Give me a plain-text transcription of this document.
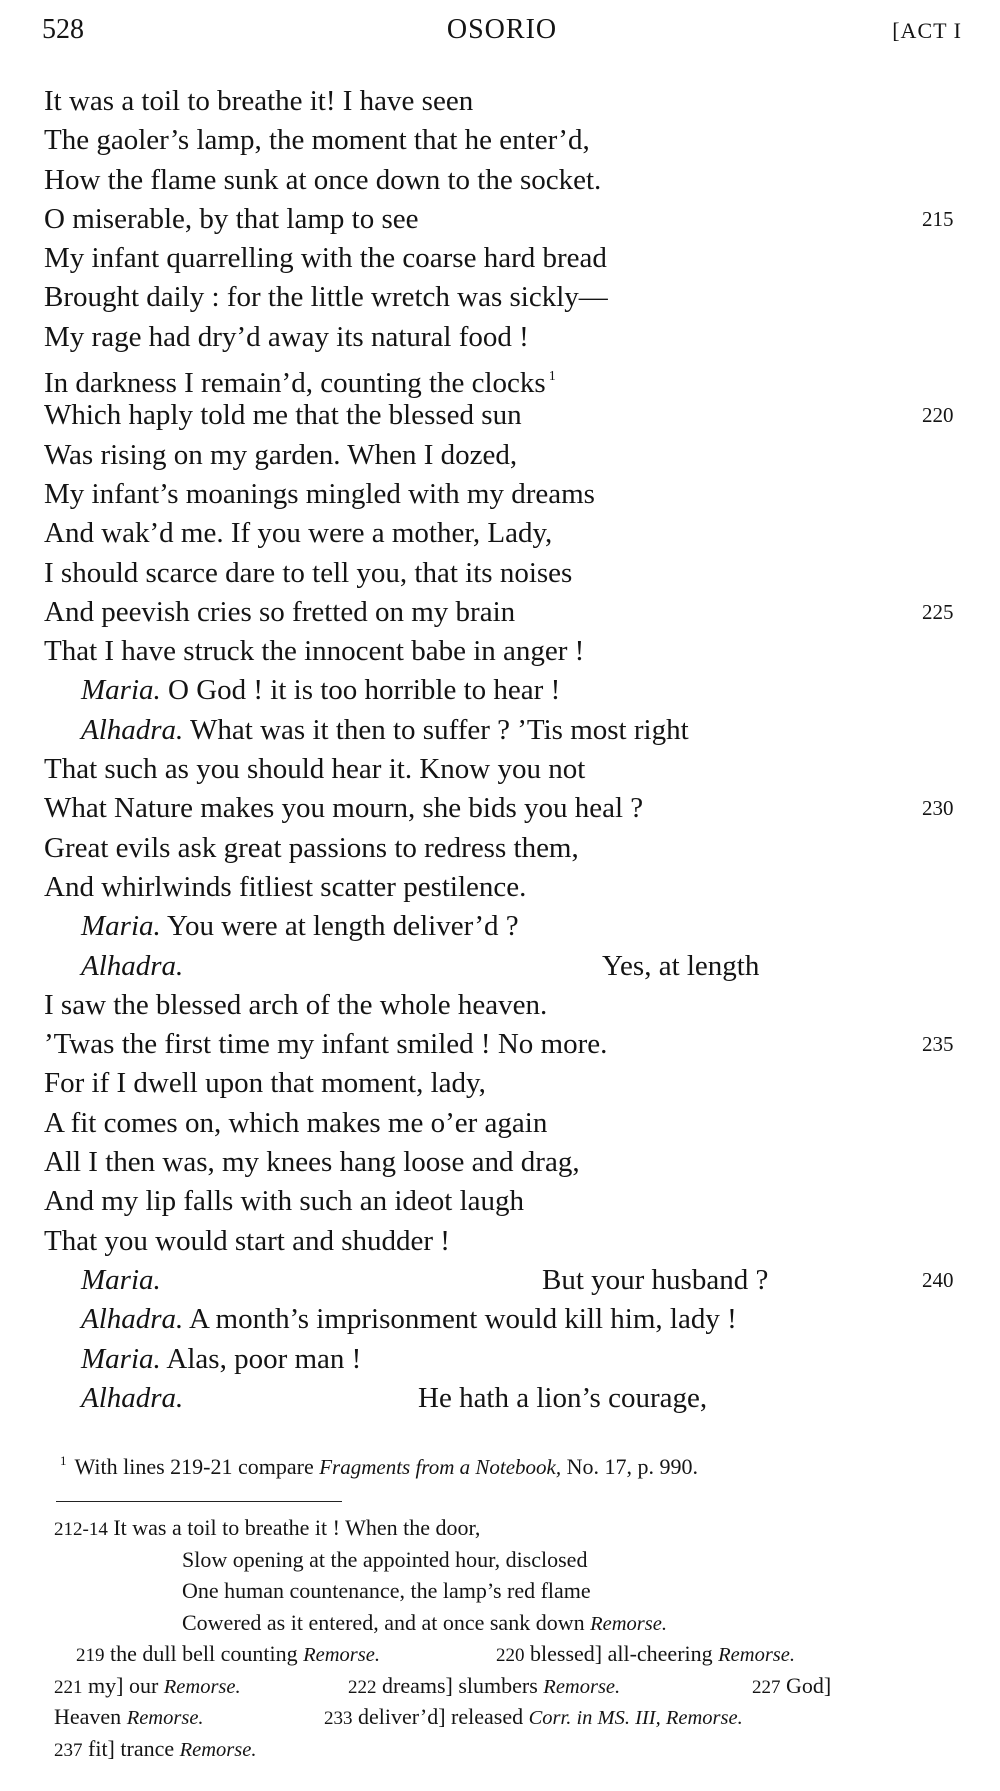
528	OSORIO	[ACT I
It was a toil to breathe it! I have seen
The gaoler’s lamp, the moment that he enter’d,
How the flame sunk at once down to the socket.
O miserable, by that lamp to see	215
My infant quarrelling with the coarse hard bread
Brought daily : for the little wretch was sickly—
My rage had dry’d away its natural food !
In darkness I remain’d, counting the clocks $^1$
Which haply told me that the blessed sun	220
Was rising on my garden. When I dozed,
My infant’s moanings mingled with my dreams
And wak’d me. If you were a mother, Lady,
I should scarce dare to tell you, that its noises
And peevish cries so fretted on my brain	225
That I have struck the innocent babe in anger !
Maria. O God ! it is too horrible to hear !
Alhadra. What was it then to suffer ? ’Tis most right
That such as you should hear it. Know you not
What Nature makes you mourn, she bids you heal ?	230
Great evils ask great passions to redress them,
And whirlwinds fitliest scatter pestilence.
Maria. You were at length deliver’d ?
Alhadra.	Yes, at length
I saw the blessed arch of the whole heaven.
’Twas the first time my infant smiled ! No more.	235
For if I dwell upon that moment, lady,
A fit comes on, which makes me o’er again
All I then was, my knees hang loose and drag,
And my lip falls with such an ideot laugh
That you would start and shudder !
Maria.	But your husband ?	240
Alhadra. A month’s imprisonment would kill him, lady !
Maria. Alas, poor man !
Alhadra.	He hath a lion’s courage,
$^1$ With lines 219-21 compare Fragments from a Notebook, No. 17, p. 990.
212-14 It was a toil to breathe it ! When the door,
Slow opening at the appointed hour, disclosed
One human countenance, the lamp’s red flame
Cowered as it entered, and at once sank down Remorse.
219 the dull bell counting Remorse.	220 blessed] all-cheering Remorse.
221 my] our Remorse.	222 dreams] slumbers Remorse.	227 God]
Heaven Remorse.	233 deliver’d] released Corr. in MS. III, Remorse.
237 fit] trance Remorse.
